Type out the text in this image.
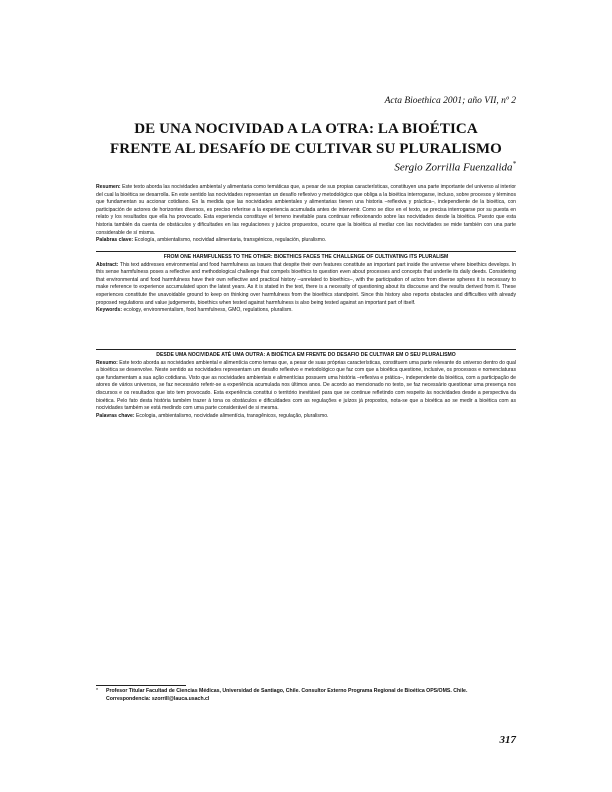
Acta Bioethica 2001; año VII, nº 2
DE UNA NOCIVIDAD A LA OTRA: LA BIOÉTICA
FRENTE AL DESAFÍO DE CULTIVAR SU PLURALISMO
Sergio Zorrilla Fuenzalida*
Resumen: Este texto aborda las nocividades ambiental y alimentaria como temáticas que, a pesar de sus propias características, constituyen una parte importante del universo al interior del cual la bioética se desarrolla. En este sentido las nocividades representan un desafío reflexivo y metodológico que obliga a la bioética interrogarse, incluso, sobre procesos y términos que fundamentan su accionar cotidiano. En la medida que las nocividades ambientales y alimentarias tienen una historia –reflexiva y práctica–, independiente de la bioética, con participación de actores de horizontes diversos, es preciso referirse a la experiencia acumulada antes de intervenir. Como se dice en el texto, se precisa interrogarse por su puesta en relato y los resultados que ella ha provocado. Esta experiencia constituye el terreno inevitable para continuar reflexionando sobre las nocividades desde la bioética. Puesto que esta historia también da cuenta de obstáculos y dificultades en las regulaciones y juicios propuestos, ocurre que la bioética al mediar con las nocividades se mide también con una parte considerable de sí misma.
Palabras clave: Ecología, ambientalismo, nocividad alimentaria, transgénicos, regulación, pluralismo.
FROM ONE HARMFULNESS TO THE OTHER: BIOETHICS FACES THE CHALLENGE OF CULTIVATING ITS PLURALISM
Abstract: This text addresses environmental and food harmfulness as issues that despite their own features constitute an important part inside the universe where bioethics develops. In this sense harmfulness poses a reflective and methodological challenge that compels bioethics to question even about processes and concepts that underlie its daily deeds. Considering that environmental and food harmfulness have their own reflective and practical history –unrelated to bioethics–, with the participation of actors from diverse spheres it is necessary to make reference to experience accumulated upon the latest years. As it is stated in the text, there is a necessity of questioning about its discourse and the results derived from it. These experiences constitute the unavoidable ground to keep on thinking over harmfulness from the bioethics standpoint. Since this history also reports obstacles and difficulties with already proposed regulations and value judgements, bioethics when tested against harmfulness is also being tested against an important part of itself.
Keywords: ecology, environmentalism, food harmfulness, GMO, regulations, pluralism.
DESDE UMA NOCIVIDADE ATÉ UMA OUTRA: A BIOÉTICA EM FRENTE DO DESAFIO DE CULTIVAR EM O SEU PLURALISMO
Resumo: Este texto aborda as nocividades ambiental e alimentícia como temas que, a pesar de suas próprias características, constituem uma parte relevante do universo dentro do qual a bioética se desenvolve. Neste sentido as nocividades representam um desafio reflexivo e metodológico que faz com que a bioética questione, inclusive, os processos e nomenclaturas que fundamentam a sua ação cotidiana. Visto que as nocividades ambientais e alimentícias possuem uma história –reflexiva e prática–, independente da bioética, com a participação de atores de vários universos, se faz necessário referir-se a experiência acumulada nos últimos anos. De acordo ao mencionado no texto, se faz necessário questionar uma presença nos discursos e os resultados que isto tem provocado. Esta experiência constitui o território inevitável para que se continue refletindo com respeito às nocividades desde a perspectiva da bioética. Pelo fato desta história também trazer à tona os obstáculos e dificuldades com as regulações e juízos já propostos, nota-se que a bioética ao se medir a bioética com as nocividades também se está medindo com uma parte considerável de si mesma.
Palavras chave: Ecologia, ambientalismo, nocividade alimentícia, transgênicos, regulação, pluralismo.
* Profesor Titular Facultad de Ciencias Médicas, Universidad de Santiago, Chile. Consultor Externo Programa Regional de Bioética OPS/OMS. Chile.
Correspondencia: szorrill@lauca.usach.cl
317
